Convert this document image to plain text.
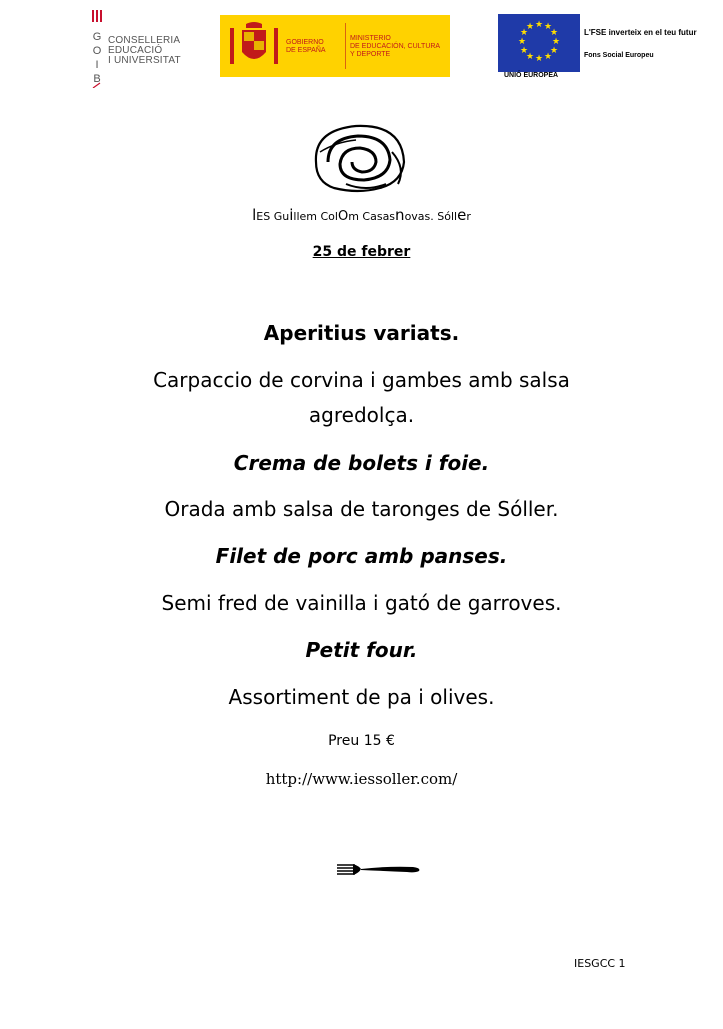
G
O
I
B
CONSELLERIA
EDUCACIÓ
I UNIVERSITAT
GOBIERNO
DE ESPAÑA
MINISTERIO
DE EDUCACIÓN, CULTURA
Y DEPORTE
★ ★
★
★
★
★
★
★
★
★
★
★
UNIÓ EUROPEA
L'FSE inverteix en el teu futur
Fons Social Europeu
lES Guillem ColOm Casasnovas. Sóller
25 de febrer
Aperitius variats.
Carpaccio de corvina i gambes amb salsa
agredolça.
Crema de bolets i foie.
Orada amb salsa de taronges de Sóller.
Filet de porc amb panses.
Semi fred de vainilla i gató de garroves.
Petit four.
Assortiment de pa i olives.
Preu 15 €
http://www.iessoller.com/
IESGCC 1
